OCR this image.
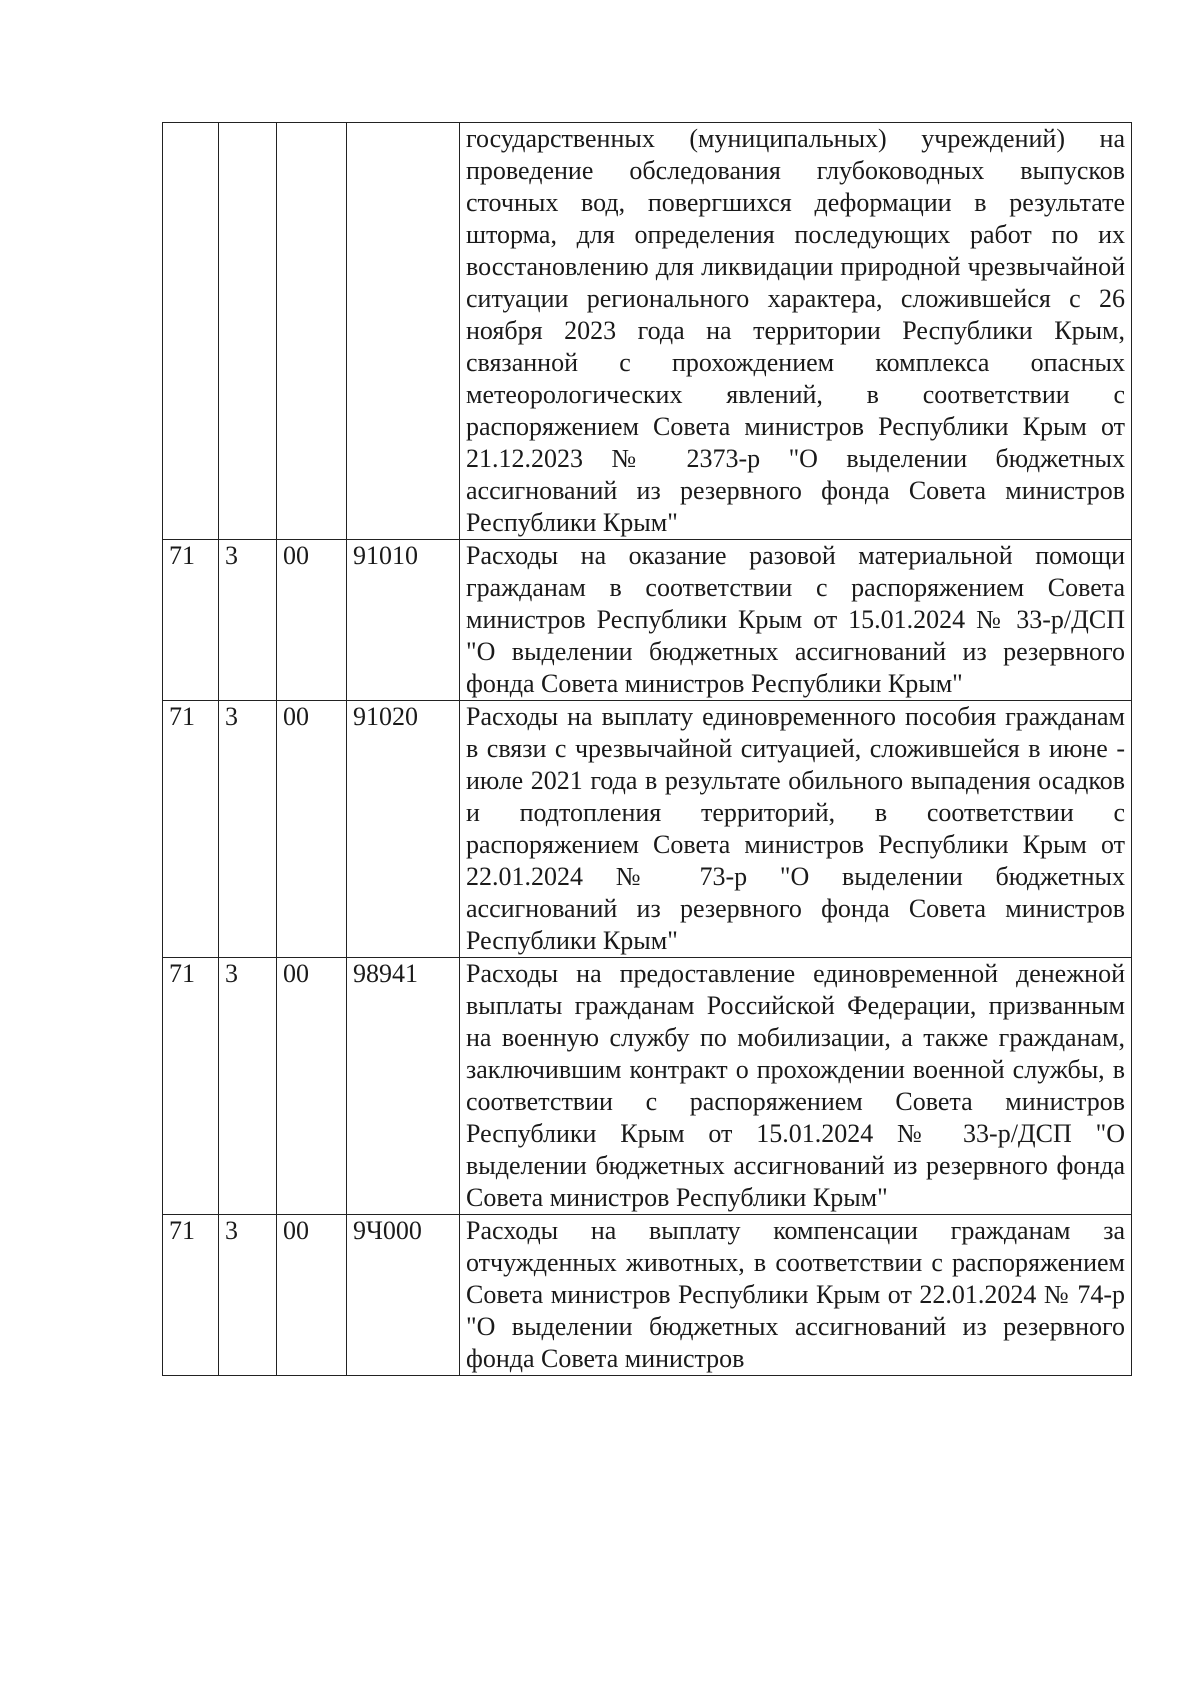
				государственных (муниципальных) учреждений) на проведение обследования глубоководных выпусков сточных вод, повергшихся деформации в результате шторма, для определения последующих работ по их восстановлению для ликвидации природной чрезвычайной ситуации регионального характера, сложившейся с 26 ноября 2023 года на территории Республики Крым, связанной с прохождением комплекса опасных метеорологических явлений, в соответствии с распоряжением Совета министров Республики Крым от 21.12.2023 № 2373-р "О выделении бюджетных ассигнований из резервного фонда Совета министров Республики Крым"

71	3	00	91010	Расходы на оказание разовой материальной помощи гражданам в соответствии с распоряжением Совета министров Республики Крым от 15.01.2024 № 33-р/ДСП "О выделении бюджетных ассигнований из резервного фонда Совета министров Республики Крым"

71	3	00	91020	Расходы на выплату единовременного пособия гражданам в связи с чрезвычайной ситуацией, сложившейся в июне - июле 2021 года в результате обильного выпадения осадков и подтопления территорий, в соответствии с распоряжением Совета министров Республики Крым от 22.01.2024 № 73-р "О выделении бюджетных ассигнований из резервного фонда Совета министров Республики Крым"

71	3	00	98941	Расходы на предоставление единовременной денежной выплаты гражданам Российской Федерации, призванным на военную службу по мобилизации, а также гражданам, заключившим контракт о прохождении военной службы, в соответствии с распоряжением Совета министров Республики Крым от 15.01.2024 № 33-р/ДСП "О выделении бюджетных ассигнований из резервного фонда Совета министров Республики Крым"

71	3	00	9Ч000	Расходы на выплату компенсации гражданам за отчужденных животных, в соответствии с распоряжением Совета министров Республики Крым от 22.01.2024 № 74-р "О выделении бюджетных ассигнований из резервного фонда Совета министров
